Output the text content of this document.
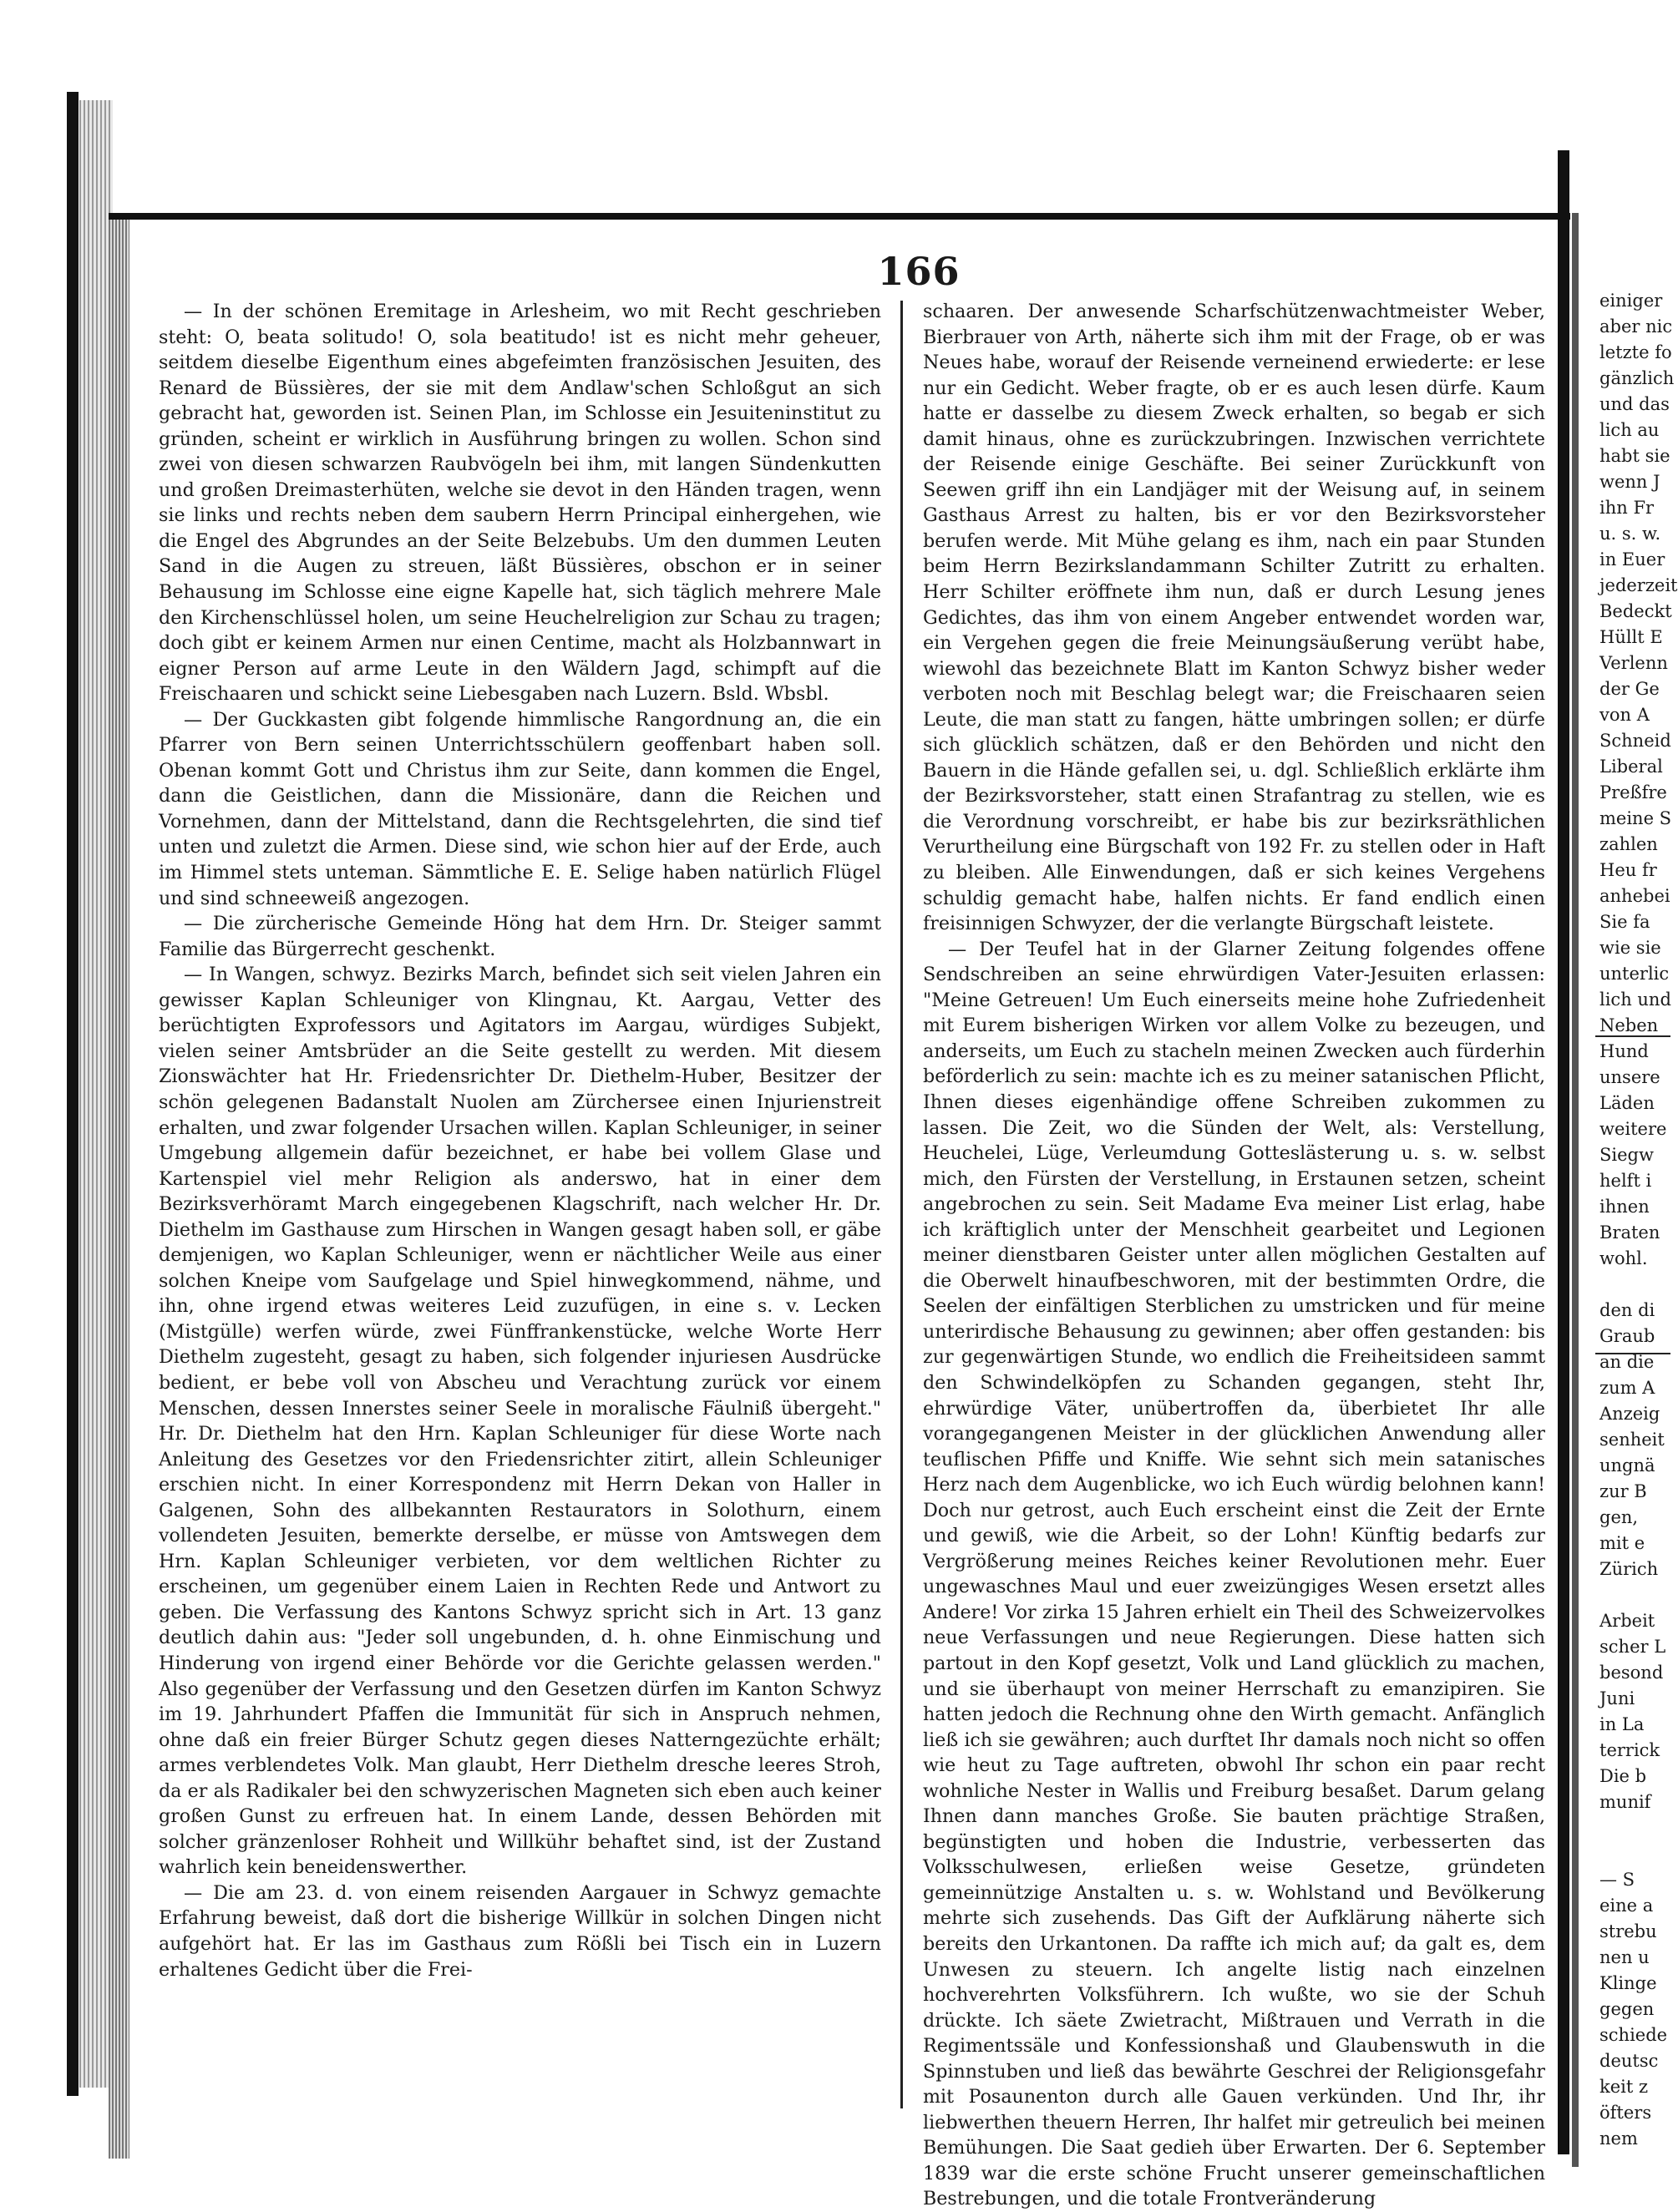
166

— In der schönen Eremitage in Arlesheim, wo mit Recht geschrieben steht: O, beata solitudo! O, sola beatitudo! ist es nicht mehr geheuer, seitdem dieselbe Eigenthum eines abgefeimten französischen Jesuiten, des Renard de Büssières, der sie mit dem Andlaw'schen Schloßgut an sich gebracht hat, geworden ist. Seinen Plan, im Schlosse ein Jesuiteninstitut zu gründen, scheint er wirklich in Ausführung bringen zu wollen. Schon sind zwei von diesen schwarzen Raubvögeln bei ihm, mit langen Sündenkutten und großen Dreimasterhüten, welche sie devot in den Händen tragen, wenn sie links und rechts neben dem saubern Herrn Principal einhergehen, wie die Engel des Abgrundes an der Seite Belzebubs. Um den dummen Leuten Sand in die Augen zu streuen, läßt Büssières, obschon er in seiner Behausung im Schlosse eine eigne Kapelle hat, sich täglich mehrere Male den Kirchenschlüssel holen, um seine Heuchelreligion zur Schau zu tragen; doch gibt er keinem Armen nur einen Centime, macht als Holzbannwart in eigner Person auf arme Leute in den Wäldern Jagd, schimpft auf die Freischaaren und schickt seine Liebesgaben nach Luzern. Bsld. Wbsbl.

— Der Guckkasten gibt folgende himmlische Rangordnung an, die ein Pfarrer von Bern seinen Unterrichtsschülern geoffenbart haben soll. Obenan kommt Gott und Christus ihm zur Seite, dann kommen die Engel, dann die Geistlichen, dann die Missionäre, dann die Reichen und Vornehmen, dann der Mittelstand, dann die Rechtsgelehrten, die sind tief unten und zuletzt die Armen. Diese sind, wie schon hier auf der Erde, auch im Himmel stets unteman. Sämmtliche E. E. Selige haben natürlich Flügel und sind schneeweiß angezogen.

— Die zürcherische Gemeinde Höng hat dem Hrn. Dr. Steiger sammt Familie das Bürgerrecht geschenkt.

— In Wangen, schwyz. Bezirks March, befindet sich seit vielen Jahren ein gewisser Kaplan Schleuniger von Klingnau, Kt. Aargau, Vetter des berüchtigten Exprofessors und Agitators im Aargau, würdiges Subjekt, vielen seiner Amtsbrüder an die Seite gestellt zu werden. Mit diesem Zionswächter hat Hr. Friedensrichter Dr. Diethelm-Huber, Besitzer der schön gelegenen Badanstalt Nuolen am Zürchersee einen Injurienstreit erhalten, und zwar folgender Ursachen willen. Kaplan Schleuniger, in seiner Umgebung allgemein dafür bezeichnet, er habe bei vollem Glase und Kartenspiel viel mehr Religion als anderswo, hat in einer dem Bezirksverhöramt March eingegebenen Klagschrift, nach welcher Hr. Dr. Diethelm im Gasthause zum Hirschen in Wangen gesagt haben soll, er gäbe demjenigen, wo Kaplan Schleuniger, wenn er nächtlicher Weile aus einer solchen Kneipe vom Saufgelage und Spiel hinwegkommend, nähme, und ihn, ohne irgend etwas weiteres Leid zuzufügen, in eine s. v. Lecken (Mistgülle) werfen würde, zwei Fünffrankenstücke, welche Worte Herr Diethelm zugesteht, gesagt zu haben, sich folgender injuriesen Ausdrücke bedient, er bebe voll von Abscheu und Verachtung zurück vor einem Menschen, dessen Innerstes seiner Seele in moralische Fäulniß übergeht." Hr. Dr. Diethelm hat den Hrn. Kaplan Schleuniger für diese Worte nach Anleitung des Gesetzes vor den Friedensrichter zitirt, allein Schleuniger erschien nicht. In einer Korrespondenz mit Herrn Dekan von Haller in Galgenen, Sohn des allbekannten Restaurators in Solothurn, einem vollendeten Jesuiten, bemerkte derselbe, er müsse von Amtswegen dem Hrn. Kaplan Schleuniger verbieten, vor dem weltlichen Richter zu erscheinen, um gegenüber einem Laien in Rechten Rede und Antwort zu geben. Die Verfassung des Kantons Schwyz spricht sich in Art. 13 ganz deutlich dahin aus: "Jeder soll ungebunden, d. h. ohne Einmischung und Hinderung von irgend einer Behörde vor die Gerichte gelassen werden." Also gegenüber der Verfassung und den Gesetzen dürfen im Kanton Schwyz im 19. Jahrhundert Pfaffen die Immunität für sich in Anspruch nehmen, ohne daß ein freier Bürger Schutz gegen dieses Natterngezüchte erhält; armes verblendetes Volk. Man glaubt, Herr Diethelm dresche leeres Stroh, da er als Radikaler bei den schwyzerischen Magneten sich eben auch keiner großen Gunst zu erfreuen hat. In einem Lande, dessen Behörden mit solcher gränzenloser Rohheit und Willkühr behaftet sind, ist der Zustand wahrlich kein beneidenswerther.

— Die am 23. d. von einem reisenden Aargauer in Schwyz gemachte Erfahrung beweist, daß dort die bisherige Willkür in solchen Dingen nicht aufgehört hat. Er las im Gasthaus zum Rößli bei Tisch ein in Luzern erhaltenes Gedicht über die Frei-

schaaren. Der anwesende Scharfschützenwachtmeister Weber, Bierbrauer von Arth, näherte sich ihm mit der Frage, ob er was Neues habe, worauf der Reisende verneinend erwiederte: er lese nur ein Gedicht. Weber fragte, ob er es auch lesen dürfe. Kaum hatte er dasselbe zu diesem Zweck erhalten, so begab er sich damit hinaus, ohne es zurückzubringen. Inzwischen verrichtete der Reisende einige Geschäfte. Bei seiner Zurückkunft von Seewen griff ihn ein Landjäger mit der Weisung auf, in seinem Gasthaus Arrest zu halten, bis er vor den Bezirksvorsteher berufen werde. Mit Mühe gelang es ihm, nach ein paar Stunden beim Herrn Bezirkslandammann Schilter Zutritt zu erhalten. Herr Schilter eröffnete ihm nun, daß er durch Lesung jenes Gedichtes, das ihm von einem Angeber entwendet worden war, ein Vergehen gegen die freie Meinungsäußerung verübt habe, wiewohl das bezeichnete Blatt im Kanton Schwyz bisher weder verboten noch mit Beschlag belegt war; die Freischaaren seien Leute, die man statt zu fangen, hätte umbringen sollen; er dürfe sich glücklich schätzen, daß er den Behörden und nicht den Bauern in die Hände gefallen sei, u. dgl. Schließlich erklärte ihm der Bezirksvorsteher, statt einen Strafantrag zu stellen, wie es die Verordnung vorschreibt, er habe bis zur bezirksräthlichen Verurtheilung eine Bürgschaft von 192 Fr. zu stellen oder in Haft zu bleiben. Alle Einwendungen, daß er sich keines Vergehens schuldig gemacht habe, halfen nichts. Er fand endlich einen freisinnigen Schwyzer, der die verlangte Bürgschaft leistete.

— Der Teufel hat in der Glarner Zeitung folgendes offene Sendschreiben an seine ehrwürdigen Vater-Jesuiten erlassen: "Meine Getreuen! Um Euch einerseits meine hohe Zufriedenheit mit Eurem bisherigen Wirken vor allem Volke zu bezeugen, und anderseits, um Euch zu stacheln meinen Zwecken auch fürderhin beförderlich zu sein: machte ich es zu meiner satanischen Pflicht, Ihnen dieses eigenhändige offene Schreiben zukommen zu lassen. Die Zeit, wo die Sünden der Welt, als: Verstellung, Heuchelei, Lüge, Verleumdung Gotteslästerung u. s. w. selbst mich, den Fürsten der Verstellung, in Erstaunen setzen, scheint angebrochen zu sein. Seit Madame Eva meiner List erlag, habe ich kräftiglich unter der Menschheit gearbeitet und Legionen meiner dienstbaren Geister unter allen möglichen Gestalten auf die Oberwelt hinaufbeschworen, mit der bestimmten Ordre, die Seelen der einfältigen Sterblichen zu umstricken und für meine unterirdische Behausung zu gewinnen; aber offen gestanden: bis zur gegenwärtigen Stunde, wo endlich die Freiheitsideen sammt den Schwindelköpfen zu Schanden gegangen, steht Ihr, ehrwürdige Väter, unübertroffen da, überbietet Ihr alle vorangegangenen Meister in der glücklichen Anwendung aller teuflischen Pfiffe und Kniffe. Wie sehnt sich mein satanisches Herz nach dem Augenblicke, wo ich Euch würdig belohnen kann! Doch nur getrost, auch Euch erscheint einst die Zeit der Ernte und gewiß, wie die Arbeit, so der Lohn! Künftig bedarfs zur Vergrößerung meines Reiches keiner Revolutionen mehr. Euer ungewaschnes Maul und euer zweizüngiges Wesen ersetzt alles Andere! Vor zirka 15 Jahren erhielt ein Theil des Schweizervolkes neue Verfassungen und neue Regierungen. Diese hatten sich partout in den Kopf gesetzt, Volk und Land glücklich zu machen, und sie überhaupt von meiner Herrschaft zu emanzipiren. Sie hatten jedoch die Rechnung ohne den Wirth gemacht. Anfänglich ließ ich sie gewähren; auch durftet Ihr damals noch nicht so offen wie heut zu Tage auftreten, obwohl Ihr schon ein paar recht wohnliche Nester in Wallis und Freiburg besaßet. Darum gelang Ihnen dann manches Große. Sie bauten prächtige Straßen, begünstigten und hoben die Industrie, verbesserten das Volksschulwesen, erließen weise Gesetze, gründeten gemeinnützige Anstalten u. s. w. Wohlstand und Bevölkerung mehrte sich zusehends. Das Gift der Aufklärung näherte sich bereits den Urkantonen. Da raffte ich mich auf; da galt es, dem Unwesen zu steuern. Ich angelte listig nach einzelnen hochverehrten Volksführern. Ich wußte, wo sie der Schuh drückte. Ich säete Zwietracht, Mißtrauen und Verrath in die Regimentssäle und Konfessionshaß und Glaubenswuth in die Spinnstuben und ließ das bewährte Geschrei der Religionsgefahr mit Posaunenton durch alle Gauen verkünden. Und Ihr, ihr liebwerthen theuern Herren, Ihr halfet mir getreulich bei meinen Bemühungen. Die Saat gedieh über Erwarten. Der 6. September 1839 war die erste schöne Frucht unserer gemeinschaftlichen Bestrebungen, und die totale Frontveränderung

einiger
aber nic
letzte fo
gänzlich
und das
lich au
habt sie
wenn J
ihn Fr
u. s. w.
in Euer
jederzeit
Bedeckt
Hüllt E
Verlenn
der Ge
von A
Schneid
Liberal
Preßfre
meine S
zahlen
Heu fr
anhebei
Sie fa
wie sie
unterlic
lich und
Neben
Hund
unsere
Läden
weitere
Siegw
helft i
ihnen
Braten
wohl.
den di
Graub
an die
zum A
Anzeig
senheit
ungnä
zur B
gen,
mit e
Zürich
Arbeit
scher L
besond
Juni
in La
terrick
Die b
munif
— S
eine a
strebu
nen u
Klinge
gegen
schiede
deutsc
keit z
öfters
nem
